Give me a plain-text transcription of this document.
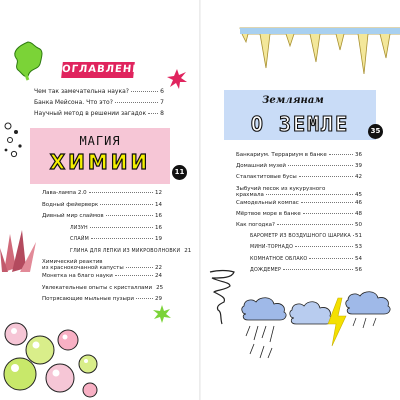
ОГЛАВЛЕНИЕ
Чем так замечательна наука?	6
Банка Мейсона. Что это?	7
Научный метод в решении загадок 8
МАГИЯ
ХИМИИ	11
Лава-лампа 2.0	12
Водный фейерверк	14
Дивный мир слаймов	16
ЛИЗУН	16
СЛАЙМ	19
ГЛИНА ДЛЯ ЛЕПКИ ИЗ МИКРОВОЛНОВКИ 21
Химический реактив
из краснокочанной капусты	22
Монетка на благо науки	24
Увлекательные опыты с кристаллами 25
Потрясающие мыльные пузыри	29
Землянам
О ЗЕМЛЕ	35
Банкариум. Террариум в банке	36
Домашний музей	39
Сталактитовые бусы	42
Зыбучий песок из кукурузного
крахмала	45
Самодельный компас	46
Мёртвое море в банке	48
Как погодка?	50
БАРОМЕТР ИЗ ВОЗДУШНОГО ШАРИКА 51
МИНИ-ТОРНАДО	53
КОМНАТНОЕ ОБЛАКО	54
ДОЖДЕМЕР	56
